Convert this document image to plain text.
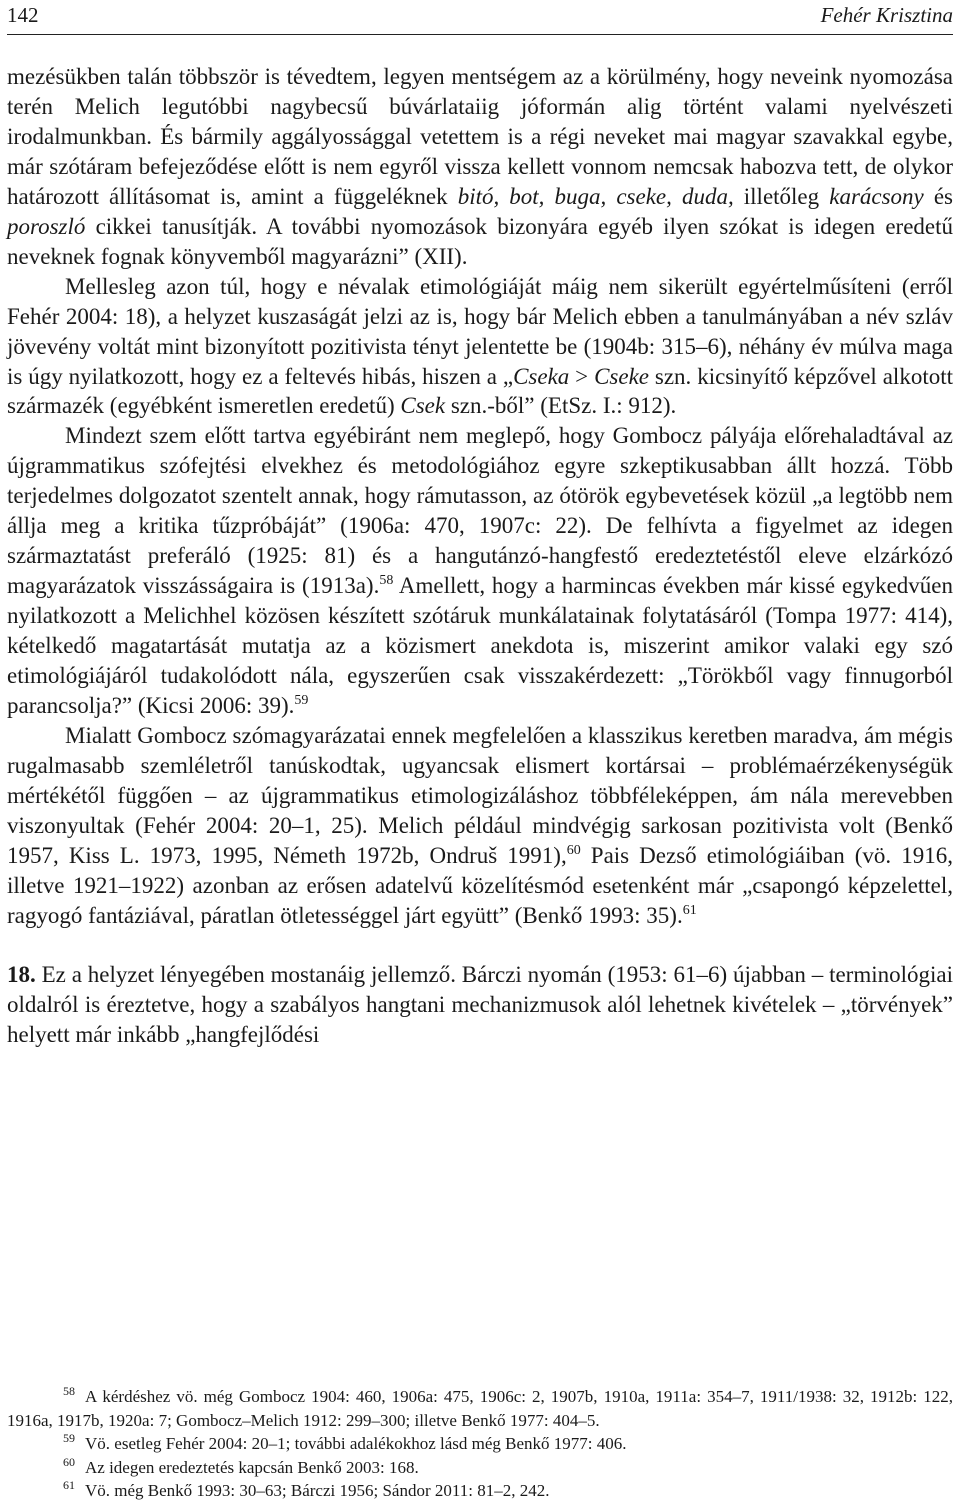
142	Fehér Krisztina

mezésükben talán többször is tévedtem, legyen mentségem az a körülmény, hogy neveink nyomozása terén Melich legutóbbi nagybecsű búvárlataiig jóformán alig történt valami nyelvészeti irodalmunkban. És bármily aggályossággal vetettem is a régi neveket mai magyar szavakkal egybe, már szótáram befejeződése előtt is nem egyről vissza kellett vonnom nemcsak habozva tett, de olykor határozott állításomat is, amint a függeléknek bitó, bot, buga, cseke, duda, illetőleg karácsony és poroszló cikkei tanusítják. A további nyomozások bizonyára egyéb ilyen szókat is idegen eredetű neveknek fognak könyvemből magyarázni” (XII).

Mellesleg azon túl, hogy e névalak etimológiáját máig nem sikerült egyértelműsíteni (erről Fehér 2004: 18), a helyzet kuszaságát jelzi az is, hogy bár Melich ebben a tanulmányában a név szláv jövevény voltát mint bizonyított pozitivista tényt jelentette be (1904b: 315–6), néhány év múlva maga is úgy nyilatkozott, hogy ez a feltevés hibás, hiszen a „Cseka > Cseke szn. kicsinyítő képzővel alkotott származék (egyébként ismeretlen eredetű) Csek szn.-ből” (EtSz. I.: 912).

Mindezt szem előtt tartva egyébiránt nem meglepő, hogy Gombocz pályája előrehaladtával az újgrammatikus szófejtési elvekhez és metodológiához egyre szkeptikusabban állt hozzá. Több terjedelmes dolgozatot szentelt annak, hogy rámutasson, az ótörök egybevetések közül „a legtöbb nem állja meg a kritika tűzpróbáját” (1906a: 470, 1907c: 22). De felhívta a figyelmet az idegen származtatást preferáló (1925: 81) és a hangutánzó-hangfestő eredeztetéstől eleve elzárkózó magyarázatok visszásságaira is (1913a).$^{58}$ Amellett, hogy a harmincas években már kissé egykedvűen nyilatkozott a Melichhel közösen készített szótáruk munkálatainak folytatásáról (Tompa 1977: 414), kételkedő magatartását mutatja az a közismert anekdota is, miszerint amikor valaki egy szó etimológiájáról tudakolódott nála, egyszerűen csak visszakérdezett: „Törökből vagy finnugorból parancsolja?” (Kicsi 2006: 39).$^{59}$

Mialatt Gombocz szómagyarázatai ennek megfelelően a klasszikus keretben maradva, ám mégis rugalmasabb szemléletről tanúskodtak, ugyancsak elismert kortársai – problémaérzékenységük mértékétől függően – az újgrammatikus etimologizáláshoz többféleképpen, ám nála merevebben viszonyultak (Fehér 2004: 20–1, 25). Melich például mindvégig sarkosan pozitivista volt (Benkő 1957, Kiss L. 1973, 1995, Németh 1972b, Ondruš 1991),$^{60}$ Pais Dezső etimológiáiban (vö. 1916, illetve 1921–1922) azonban az erősen adatelvű közelítésmód esetenként már „csapongó képzelettel, ragyogó fantáziával, páratlan ötletességgel járt együtt” (Benkő 1993: 35).$^{61}$

18. Ez a helyzet lényegében mostanáig jellemző. Bárczi nyomán (1953: 61–6) újabban – terminológiai oldalról is éreztetve, hogy a szabályos hangtani mechanizmusok alól lehetnek kivételek – „törvények” helyett már inkább „hangfejlődési

58 A kérdéshez vö. még Gombocz 1904: 460, 1906a: 475, 1906c: 2, 1907b, 1910a, 1911a: 354–7, 1911/1938: 32, 1912b: 122, 1916a, 1917b, 1920a: 7; Gombocz–Melich 1912: 299–300; illetve Benkő 1977: 404–5.

59 Vö. esetleg Fehér 2004: 20–1; további adalékokhoz lásd még Benkő 1977: 406.

60 Az idegen eredeztetés kapcsán Benkő 2003: 168.

61 Vö. még Benkő 1993: 30–63; Bárczi 1956; Sándor 2011: 81–2, 242.
